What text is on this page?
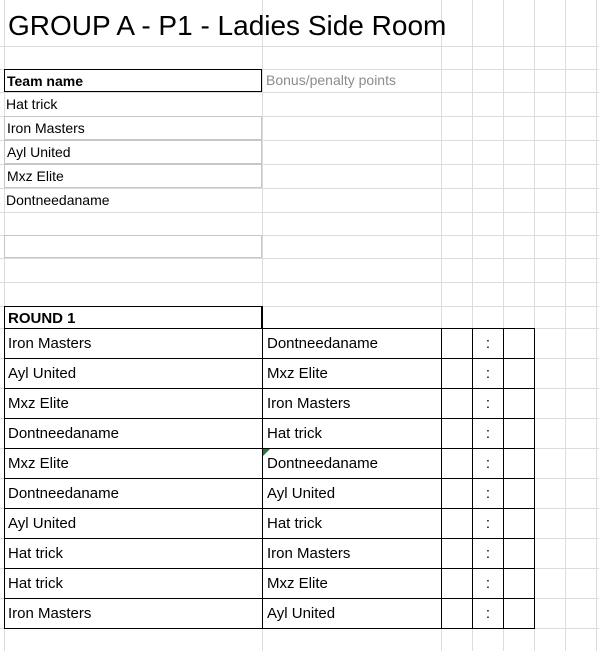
GROUP A - P1 - Ladies Side Room
Team name	Bonus/penalty points
Hat trick
Iron Masters
Ayl United
Mxz Elite
Dontneedaname
ROUND 1
Iron Masters	Dontneedaname	:
Ayl United	Mxz Elite	:
Mxz Elite	Iron Masters	:
Dontneedaname	Hat trick	:
Mxz Elite	Dontneedaname	:
Dontneedaname	Ayl United	:
Ayl United	Hat trick	:
Hat trick	Iron Masters	:
Hat trick	Mxz Elite	:
Iron Masters	Ayl United	:
